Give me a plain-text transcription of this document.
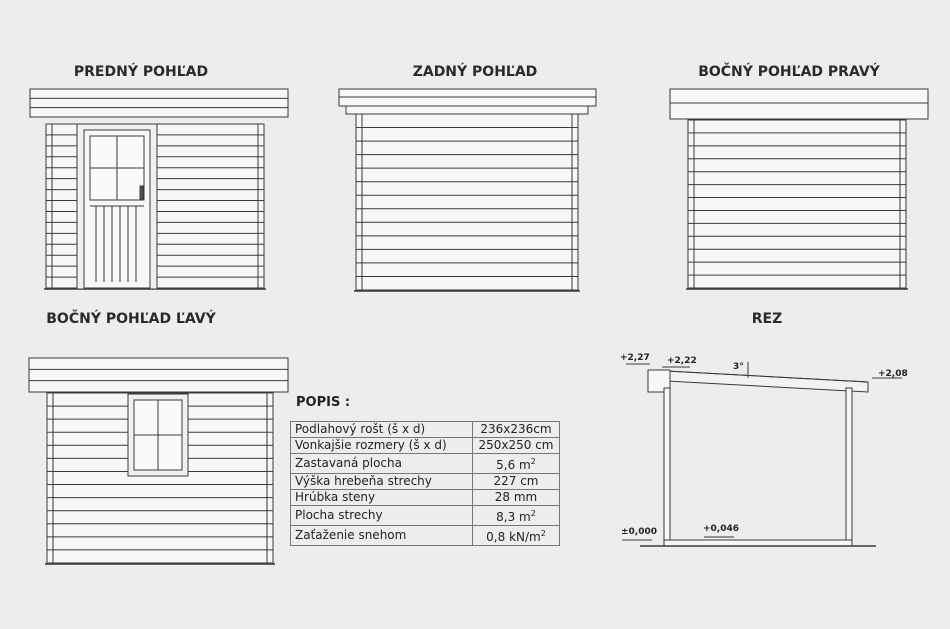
PREDNÝ POHĽAD	ZADNÝ POHĽAD	BOČNÝ POHĽAD PRAVÝ
BOČNÝ POHĽAD ĽAVÝ	REZ
POPIS :
Podlahový rošt (š x d)	236x236cm
Vonkajšie rozmery (š x d)	250x250 cm
Zastavaná plocha	5,6 $m^2$
Výška hrebeňa strechy	227 cm
Hrúbka steny	28 mm
Plocha strechy	8,3 $m^2$
Zaťaženie snehom	0,8 $kN/m^2$
+2,27 +2,22
3°
+2,08
±0,000	+0,046
